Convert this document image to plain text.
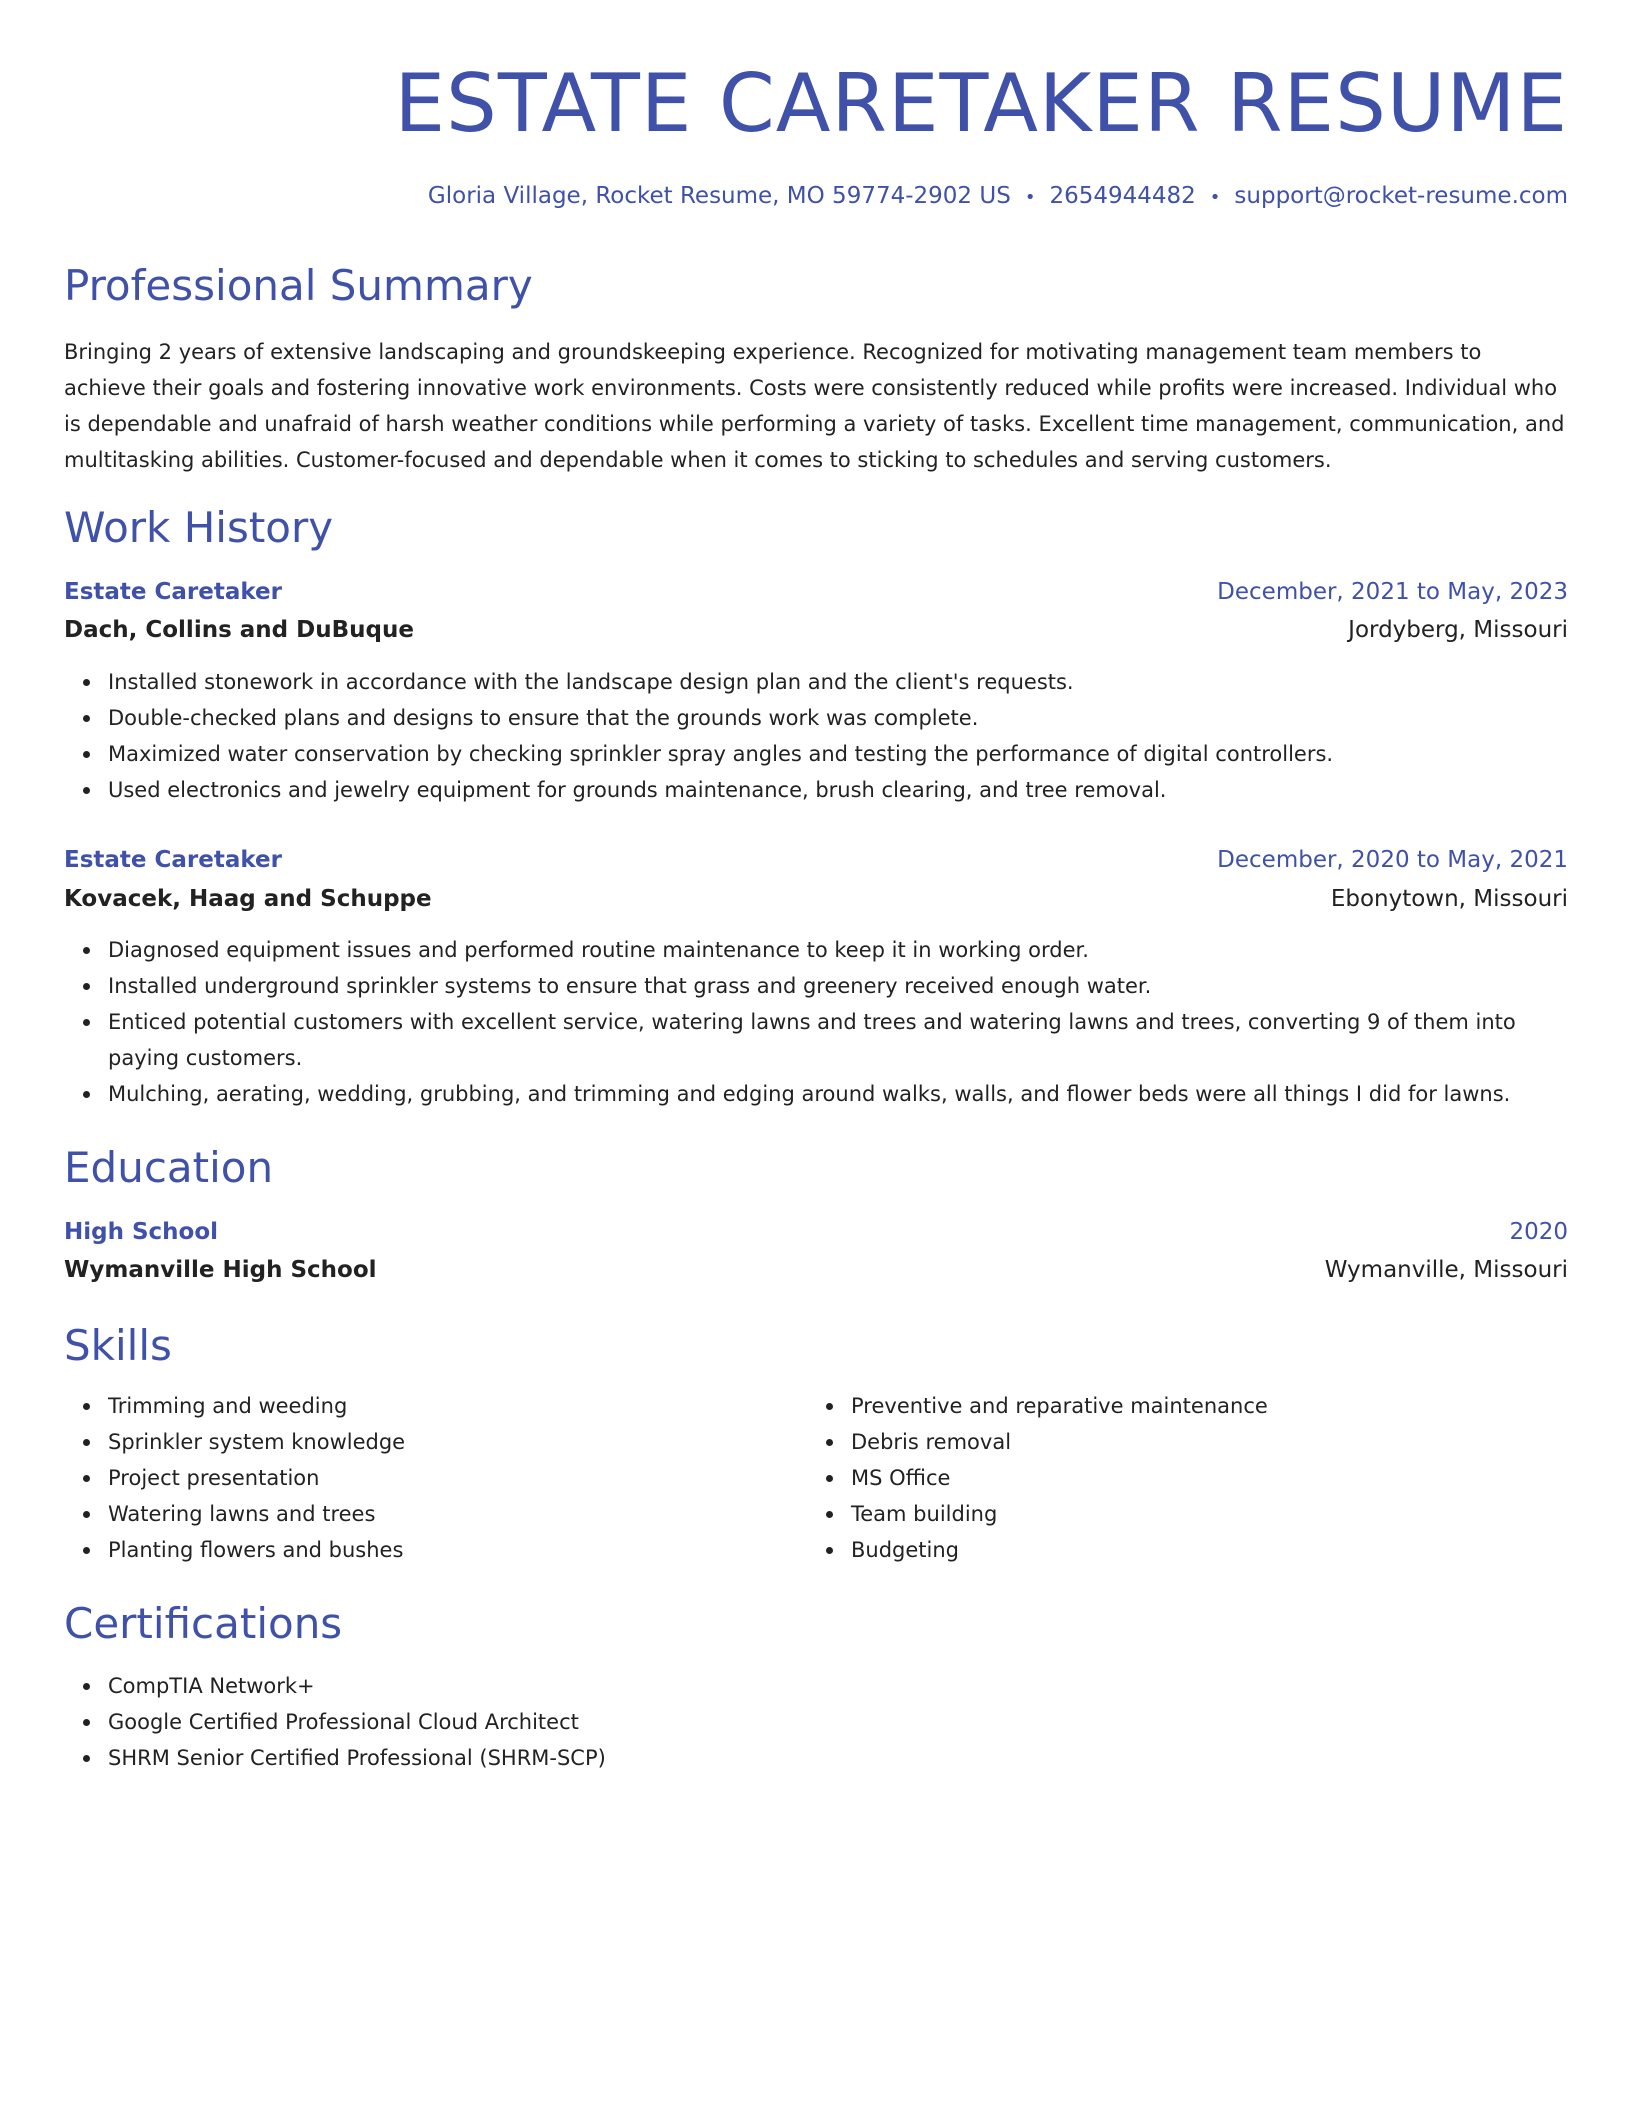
ESTATE CARETAKER RESUME
Gloria Village, Rocket Resume, MO 59774-2902 US • 2654944482 • support@rocket-resume.com
Professional Summary

Bringing 2 years of extensive landscaping and groundskeeping experience. Recognized for motivating management team members to achieve their goals and fostering innovative work environments. Costs were consistently reduced while profits were increased. Individual who is dependable and unafraid of harsh weather conditions while performing a variety of tasks. Excellent time management, communication, and multitasking abilities. Customer-focused and dependable when it comes to sticking to schedules and serving customers.

Work History
Estate Caretaker	December, 2021 to May, 2023
Dach, Collins and DuBuque	Jordyberg, Missouri
Installed stonework in accordance with the landscape design plan and the client's requests.
Double-checked plans and designs to ensure that the grounds work was complete.
Maximized water conservation by checking sprinkler spray angles and testing the performance of digital controllers.
Used electronics and jewelry equipment for grounds maintenance, brush clearing, and tree removal.
Estate Caretaker	December, 2020 to May, 2021
Kovacek, Haag and Schuppe	Ebonytown, Missouri
Diagnosed equipment issues and performed routine maintenance to keep it in working order.
Installed underground sprinkler systems to ensure that grass and greenery received enough water.
Enticed potential customers with excellent service, watering lawns and trees and watering lawns and trees, converting 9 of them into paying customers.
Mulching, aerating, wedding, grubbing, and trimming and edging around walks, walls, and flower beds were all things I did for lawns.
Education
High School	2020
Wymanville High School	Wymanville, Missouri
Skills
Trimming and weeding
Sprinkler system knowledge
Project presentation
Watering lawns and trees
Planting flowers and bushes
Preventive and reparative maintenance
Debris removal
MS Office
Team building
Budgeting
Certifications
CompTIA Network+
Google Certified Professional Cloud Architect
SHRM Senior Certified Professional (SHRM-SCP)
